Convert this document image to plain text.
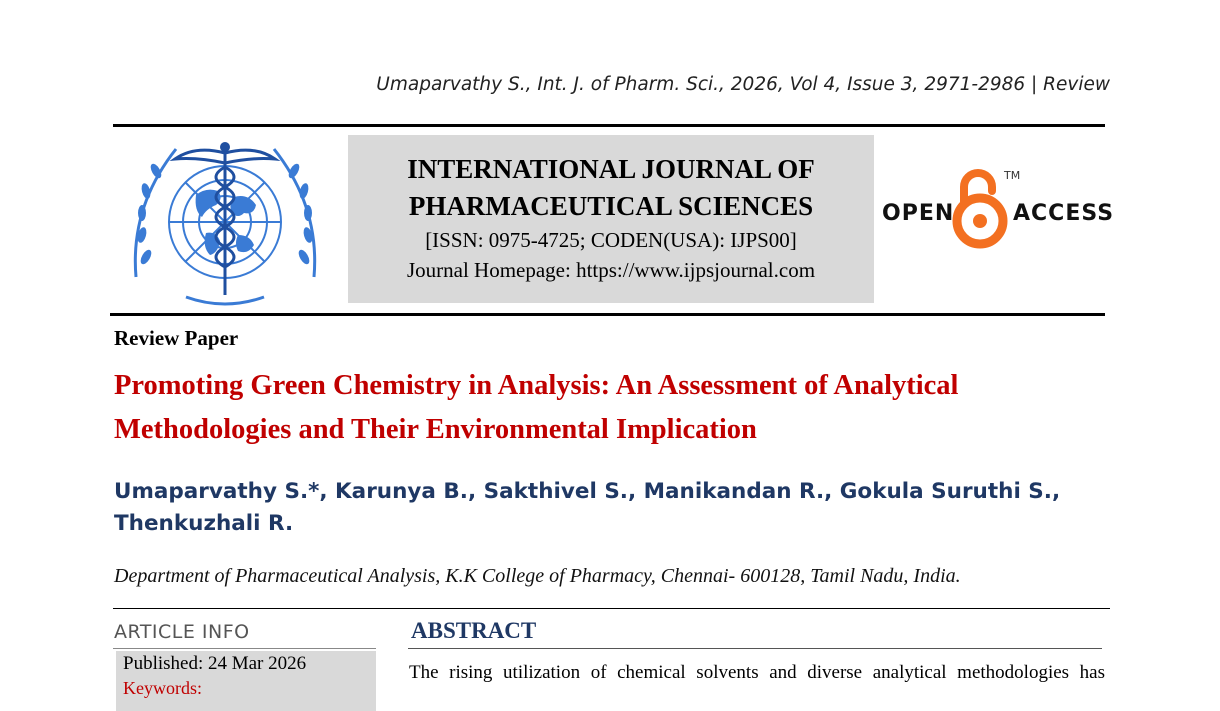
Umaparvathy S., Int. J. of Pharm. Sci., 2026, Vol 4, Issue 3, 2971-2986 | Review
INTERNATIONAL JOURNAL OF
PHARMACEUTICAL SCIENCES
[ISSN: 0975-4725; CODEN(USA): IJPS00]
Journal Homepage: https://www.ijpsjournal.com
OPEN
TM
ACCESS
Review Paper
Promoting Green Chemistry in Analysis: An Assessment of Analytical Methodologies and Their Environmental Implication
Umaparvathy S.*, Karunya B., Sakthivel S., Manikandan R., Gokula Suruthi S., Thenkuzhali R.
Department of Pharmaceutical Analysis, K.K College of Pharmacy, Chennai- 600128, Tamil Nadu, India.
ARTICLE INFO
Published: 24 Mar 2026
Keywords:
ABSTRACT
The rising utilization of chemical solvents and diverse analytical methodologies has
